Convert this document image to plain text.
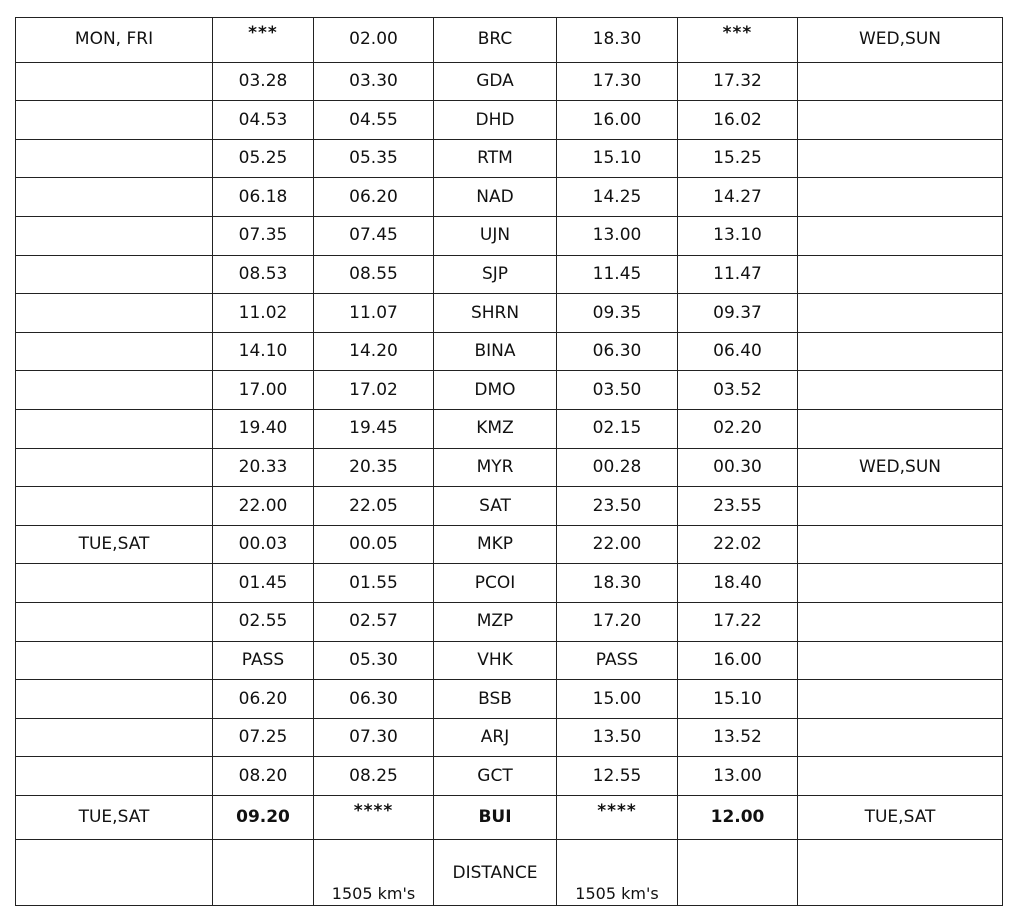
MON, FRI	***	02.00	BRC	18.30	***	WED,SUN
	03.28	03.30	GDA	17.30	17.32	
	04.53	04.55	DHD	16.00	16.02	
	05.25	05.35	RTM	15.10	15.25	
	06.18	06.20	NAD	14.25	14.27	
	07.35	07.45	UJN	13.00	13.10	
	08.53	08.55	SJP	11.45	11.47	
	11.02	11.07	SHRN	09.35	09.37	
	14.10	14.20	BINA	06.30	06.40	
	17.00	17.02	DMO	03.50	03.52	
	19.40	19.45	KMZ	02.15	02.20	
	20.33	20.35	MYR	00.28	00.30	WED,SUN
	22.00	22.05	SAT	23.50	23.55	
TUE,SAT	00.03	00.05	MKP	22.00	22.02	
	01.45	01.55	PCOI	18.30	18.40	
	02.55	02.57	MZP	17.20	17.22	
	PASS	05.30	VHK	PASS	16.00	
	06.20	06.30	BSB	15.00	15.10	
	07.25	07.30	ARJ	13.50	13.52	
	08.20	08.25	GCT	12.55	13.00	
TUE,SAT	09.20	****	BUI	****	12.00	TUE,SAT
		1505 km's	DISTANCE	1505 km's		
